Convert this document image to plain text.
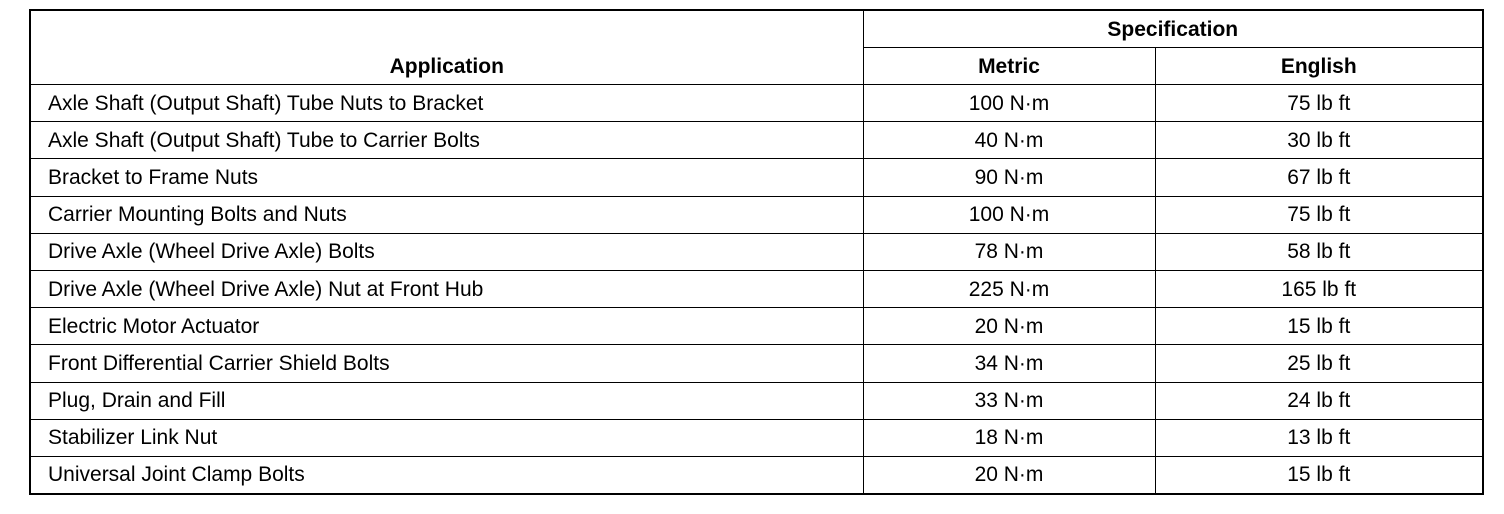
Application	Specification	
	Metric	English
Axle Shaft (Output Shaft) Tube Nuts to Bracket	100 N·m	75 lb ft
Axle Shaft (Output Shaft) Tube to Carrier Bolts	40 N·m	30 lb ft
Bracket to Frame Nuts	90 N·m	67 lb ft
Carrier Mounting Bolts and Nuts	100 N·m	75 lb ft
Drive Axle (Wheel Drive Axle) Bolts	78 N·m	58 lb ft
Drive Axle (Wheel Drive Axle) Nut at Front Hub	225 N·m	165 lb ft
Electric Motor Actuator	20 N·m	15 lb ft
Front Differential Carrier Shield Bolts	34 N·m	25 lb ft
Plug, Drain and Fill	33 N·m	24 lb ft
Stabilizer Link Nut	18 N·m	13 lb ft
Universal Joint Clamp Bolts	20 N·m	15 lb ft
